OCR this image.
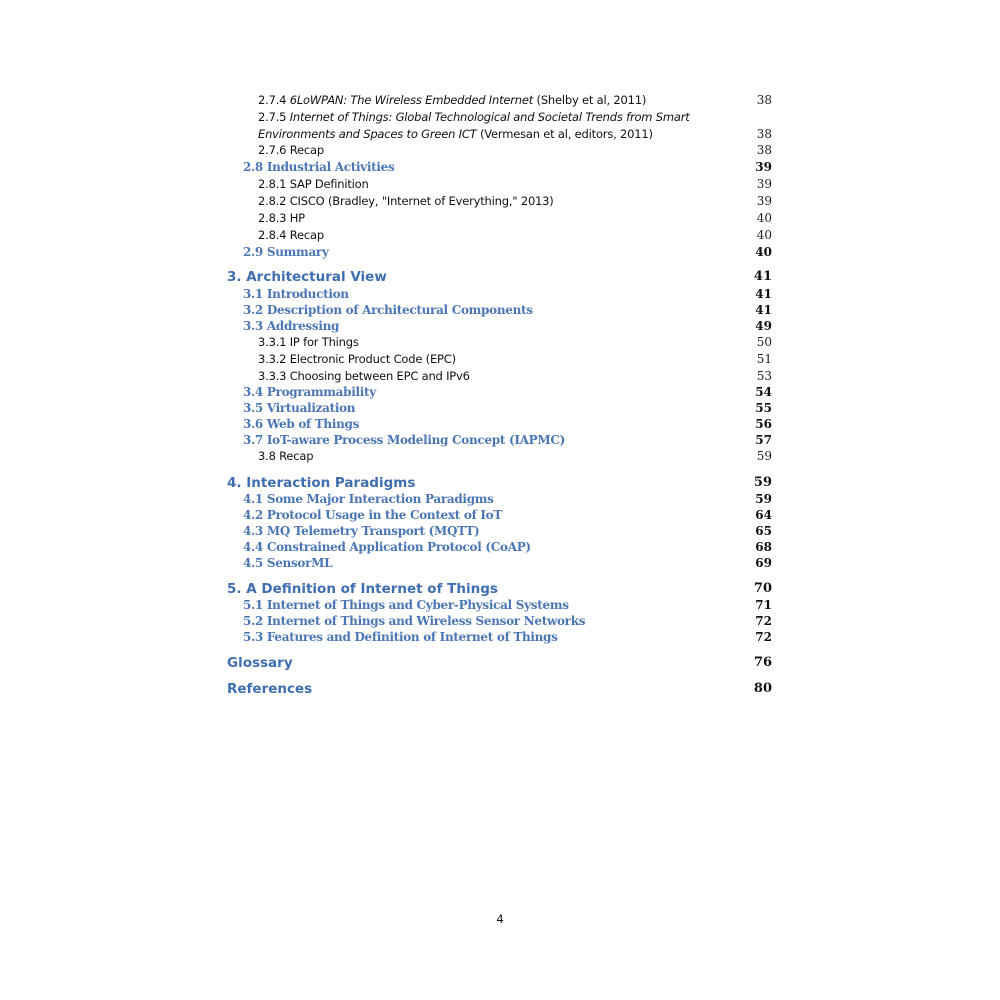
2.7.4 6LoWPAN: The Wireless Embedded Internet (Shelby et al, 2011)	38
2.7.5 Internet of Things: Global Technological and Societal Trends from Smart
Environments and Spaces to Green ICT (Vermesan et al, editors, 2011)	38
2.7.6 Recap	38
2.8 Industrial Activities	39
2.8.1 SAP Definition	39
2.8.2 CISCO (Bradley, "Internet of Everything," 2013)	39
2.8.3 HP	40
2.8.4 Recap	40
2.9 Summary	40
3. Architectural View	41
3.1 Introduction	41
3.2 Description of Architectural Components	41
3.3 Addressing	49
3.3.1 IP for Things	50
3.3.2 Electronic Product Code (EPC)	51
3.3.3 Choosing between EPC and IPv6	53
3.4 Programmability	54
3.5 Virtualization	55
3.6 Web of Things	56
3.7 IoT-aware Process Modeling Concept (IAPMC)	57
3.8 Recap	59
4. Interaction Paradigms	59
4.1 Some Major Interaction Paradigms	59
4.2 Protocol Usage in the Context of IoT	64
4.3 MQ Telemetry Transport (MQTT)	65
4.4 Constrained Application Protocol (CoAP)	68
4.5 SensorML	69
5. A Definition of Internet of Things	70
5.1 Internet of Things and Cyber-Physical Systems	71
5.2 Internet of Things and Wireless Sensor Networks	72
5.3 Features and Definition of Internet of Things	72
Glossary	76
References	80
4
